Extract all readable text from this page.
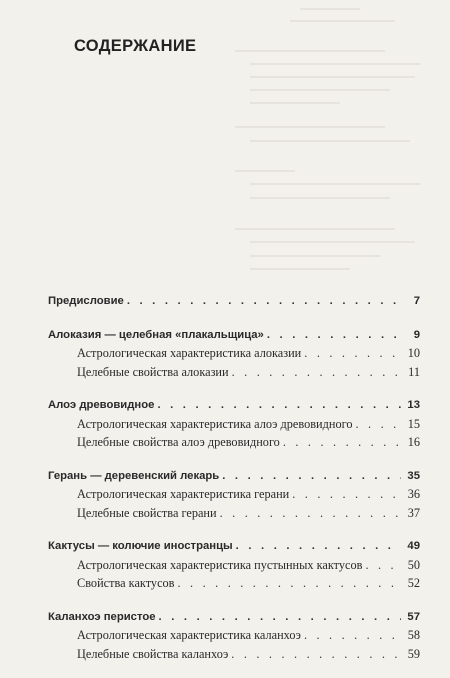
СОДЕРЖАНИЕ
Предисловие . . .	7
Алоказия — целебная «плакальщица» . . .	9
Астрологическая характеристика алоказии . . .	10
Целебные свойства алоказии . . .	11
Алоэ древовидное . . .	13
Астрологическая характеристика алоэ древовидного . . .	15
Целебные свойства алоэ древовидного . . .	16
Герань — деревенский лекарь . . .	35
Астрологическая характеристика герани . . .	36
Целебные свойства герани . . .	37
Кактусы — колючие иностранцы . . .	49
Астрологическая характеристика пустынных кактусов . . .	50
Свойства кактусов . . .	52
Каланхоэ перистое . . .	57
Астрологическая характеристика каланхоэ . . .	58
Целебные свойства каланхоэ . . .	59
